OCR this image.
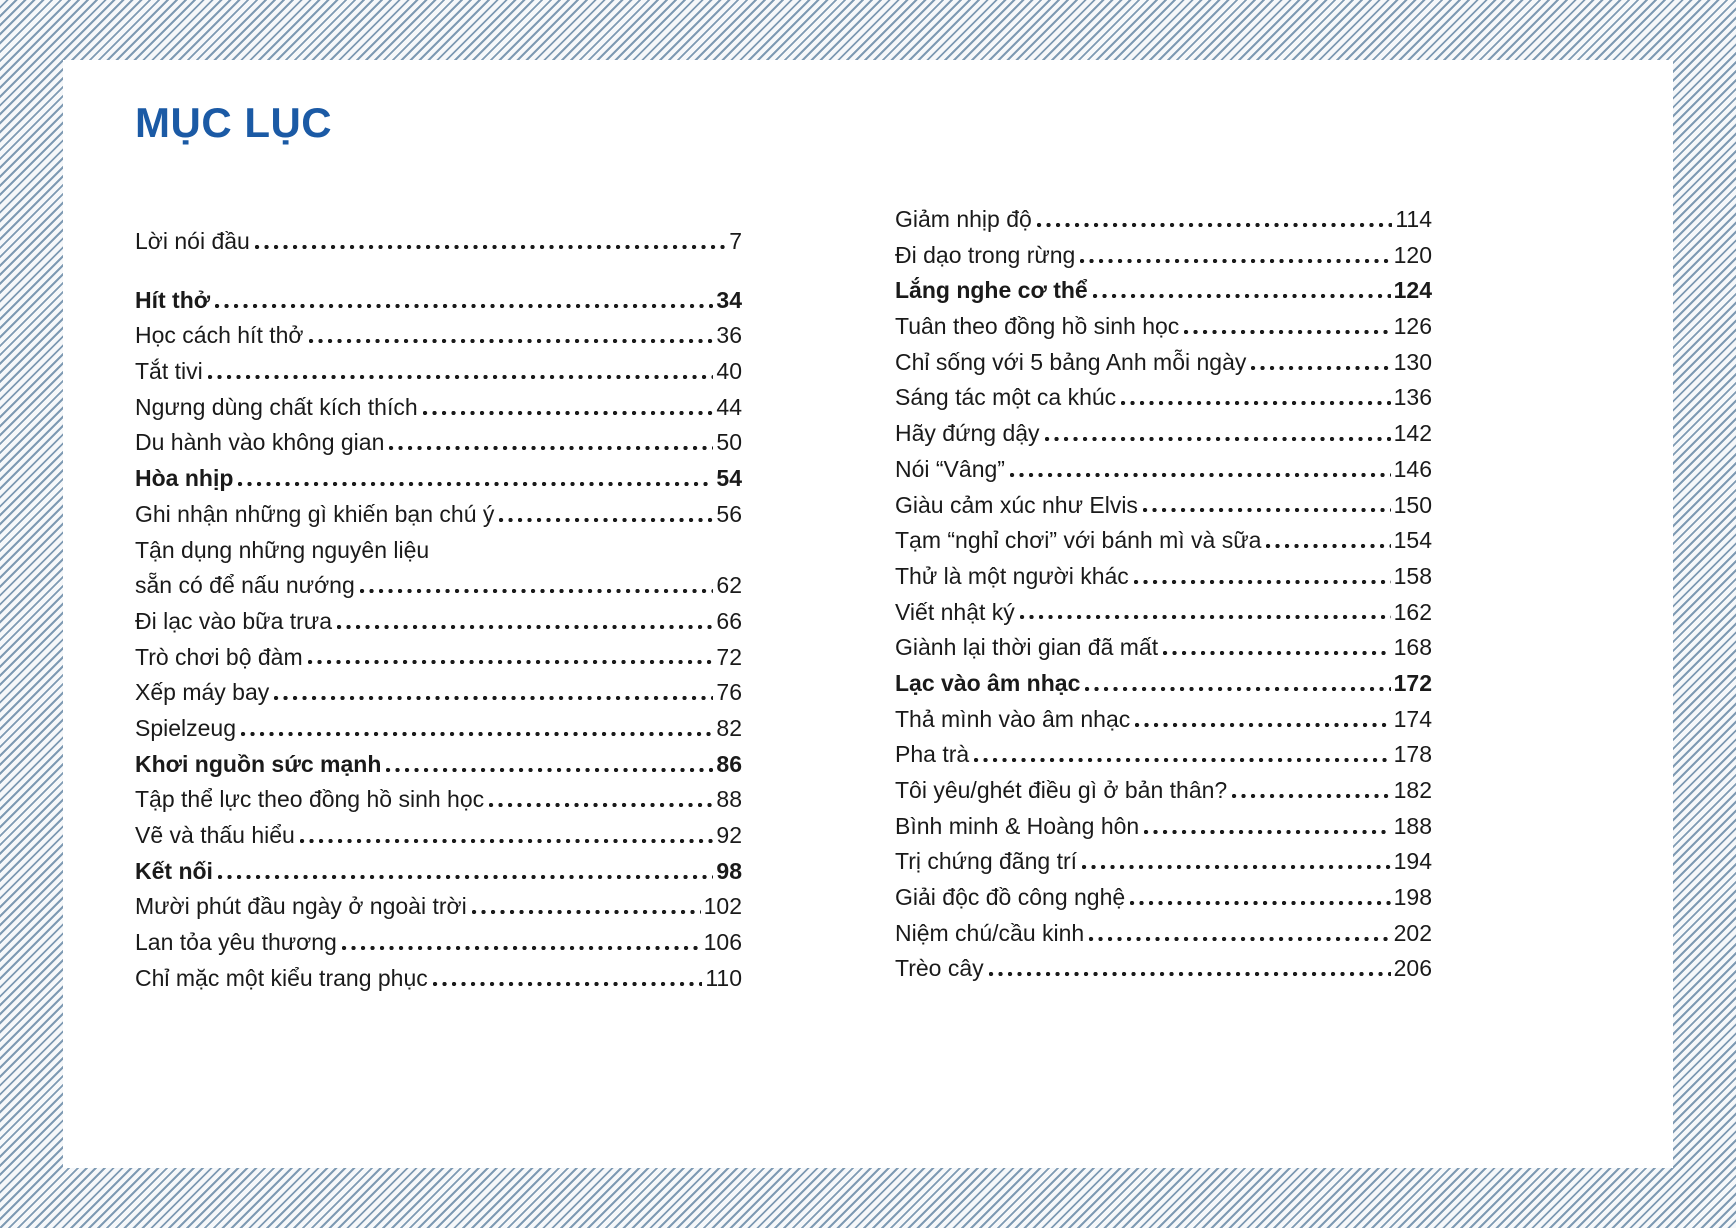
MỤC LỤC
Lời nói đầu	7
Hít thở	34
Học cách hít thở	36
Tắt tivi	40
Ngưng dùng chất kích thích	44
Du hành vào không gian	50
Hòa nhịp	54
Ghi nhận những gì khiến bạn chú ý	56
Tận dụng những nguyên liệu
sẵn có để nấu nướng	62
Đi lạc vào bữa trưa	66
Trò chơi bộ đàm	72
Xếp máy bay	76
Spielzeug	82
Khơi nguồn sức mạnh	86
Tập thể lực theo đồng hồ sinh học	88
Vẽ và thấu hiểu	92
Kết nối	98
Mười phút đầu ngày ở ngoài trời	102
Lan tỏa yêu thương	106
Chỉ mặc một kiểu trang phục	110
Giảm nhịp độ	114
Đi dạo trong rừng	120
Lắng nghe cơ thể	124
Tuân theo đồng hồ sinh học	126
Chỉ sống với 5 bảng Anh mỗi ngày	130
Sáng tác một ca khúc	136
Hãy đứng dậy	142
Nói “Vâng”	146
Giàu cảm xúc như Elvis	150
Tạm “nghỉ chơi” với bánh mì và sữa	154
Thử là một người khác	158
Viết nhật ký	162
Giành lại thời gian đã mất	168
Lạc vào âm nhạc	172
Thả mình vào âm nhạc	174
Pha trà	178
Tôi yêu/ghét điều gì ở bản thân?	182
Bình minh & Hoàng hôn	188
Trị chứng đãng trí	194
Giải độc đồ công nghệ	198
Niệm chú/cầu kinh	202
Trèo cây	206
